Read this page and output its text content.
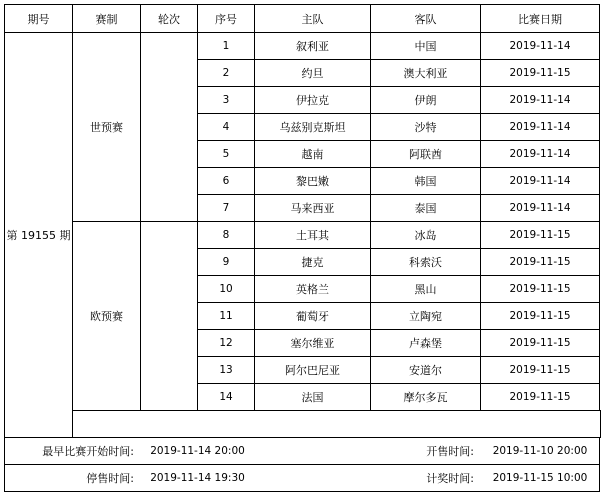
期号	赛制	轮次	序号	主队	客队	比赛日期	
第 19155 期	世预赛		1	叙利亚	中国	2019-11-14	
			2	约旦	澳大利亚	2019-11-15	
			3	伊拉克	伊朗	2019-11-14	
			4	乌兹别克斯坦	沙特	2019-11-14	
			5	越南	阿联酋	2019-11-14	
			6	黎巴嫩	韩国	2019-11-14	
			7	马来西亚	泰国	2019-11-14	
	欧预赛		8	土耳其	冰岛	2019-11-15	
			9	捷克	科索沃	2019-11-15	
			10	英格兰	黑山	2019-11-15	
			11	葡萄牙	立陶宛	2019-11-15	
			12	塞尔维亚	卢森堡	2019-11-15	
			13	阿尔巴尼亚	安道尔	2019-11-15	
			14	法国	摩尔多瓦	2019-11-15	

最早比赛开始时间:		2019-11-14 20:00			开售时间:	2019-11-10 20:00	
停售时间:		2019-11-14 19:30			计奖时间:	2019-11-15 10:00	
